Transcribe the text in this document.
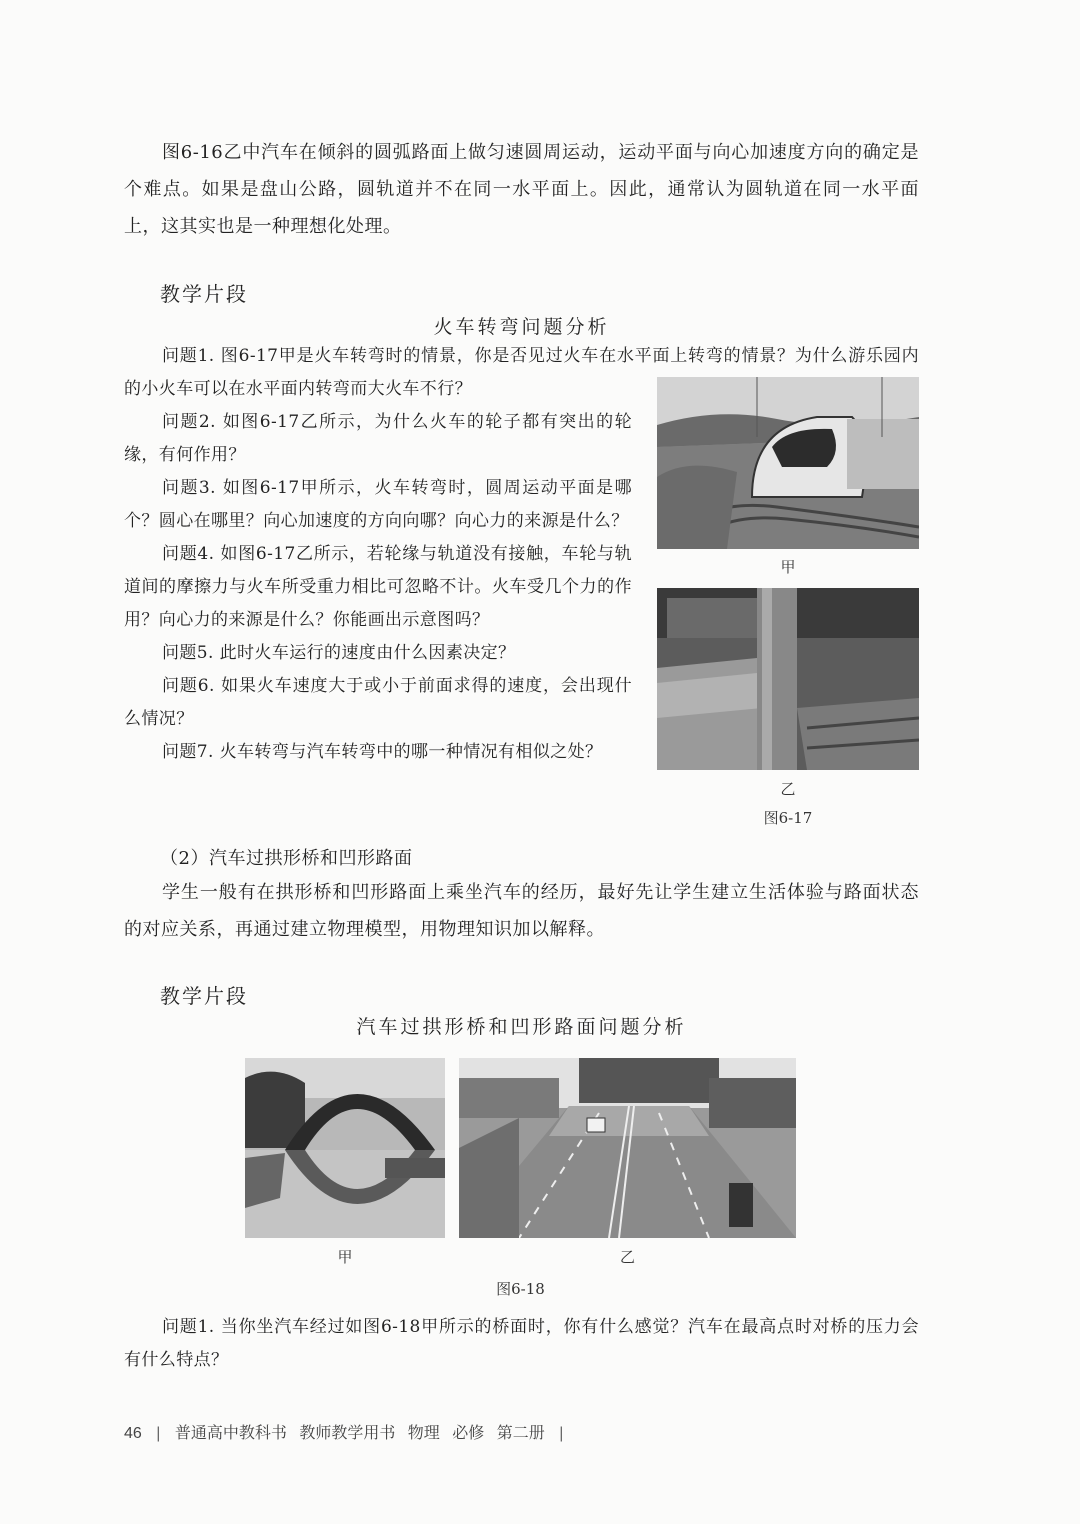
图6-16乙中汽车在倾斜的圆弧路面上做匀速圆周运动，运动平面与向心加速度方向的确定是个难点。如果是盘山公路，圆轨道并不在同一水平面上。因此，通常认为圆轨道在同一水平面上，这其实也是一种理想化处理。
教学片段
火车转弯问题分析
问题1. 图6-17甲是火车转弯时的情景，你是否见过火车在水平面上转弯的情景？为什么游乐园内的小火车可以在水平面内转弯而大火车不行？
问题2. 如图6-17乙所示，为什么火车的轮子都有突出的轮缘，有何作用？
问题3. 如图6-17甲所示，火车转弯时，圆周运动平面是哪个？圆心在哪里？向心加速度的方向向哪？向心力的来源是什么？
问题4. 如图6-17乙所示，若轮缘与轨道没有接触，车轮与轨道间的摩擦力与火车所受重力相比可忽略不计。火车受几个力的作用？向心力的来源是什么？你能画出示意图吗？
问题5. 此时火车运行的速度由什么因素决定？
问题6. 如果火车速度大于或小于前面求得的速度，会出现什么情况？
问题7. 火车转弯与汽车转弯中的哪一种情况有相似之处？
甲
乙
图6-17
（2）汽车过拱形桥和凹形路面
学生一般有在拱形桥和凹形路面上乘坐汽车的经历，最好先让学生建立生活体验与路面状态的对应关系，再通过建立物理模型，用物理知识加以解释。
教学片段
汽车过拱形桥和凹形路面问题分析
甲	乙
图6-18
问题1. 当你坐汽车经过如图6-18甲所示的桥面时，你有什么感觉？汽车在最高点时对桥的压力会有什么特点？
46 | 普通高中教科书 教师教学用书 物理 必修 第二册 |
